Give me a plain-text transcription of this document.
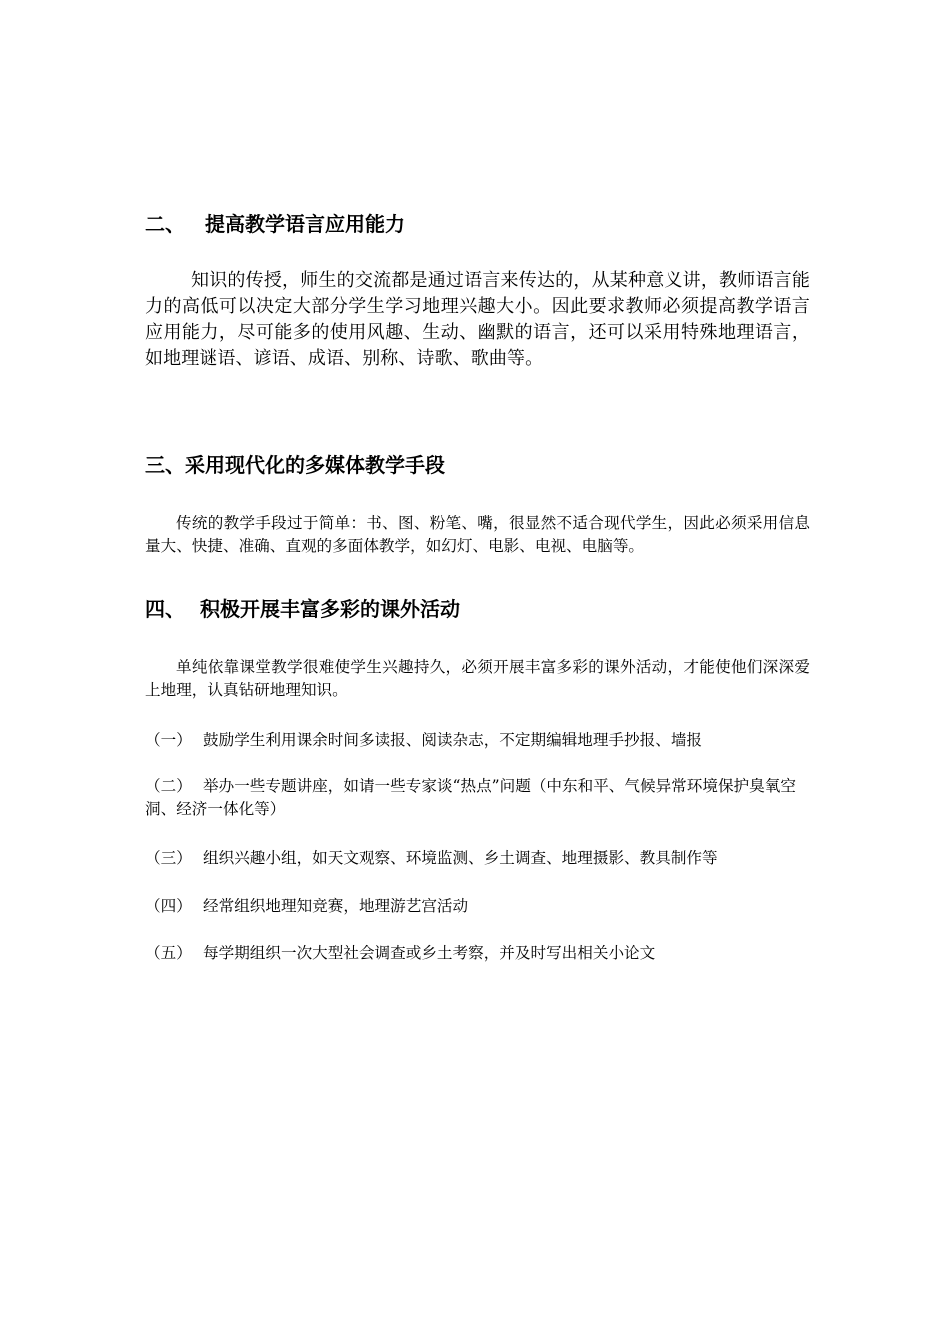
二、 提高教学语言应用能力
知识的传授，师生的交流都是通过语言来传达的，从某种意义讲，教师语言能力的高低可以决定大部分学生学习地理兴趣大小。因此要求教师必须提高教学语言应用能力，尽可能多的使用风趣、生动、幽默的语言，还可以采用特殊地理语言，如地理谜语、谚语、成语、别称、诗歌、歌曲等。
三、采用现代化的多媒体教学手段
传统的教学手段过于简单：书、图、粉笔、嘴，很显然不适合现代学生，因此必须采用信息量大、快捷、准确、直观的多面体教学，如幻灯、电影、电视、电脑等。
四、 积极开展丰富多彩的课外活动
单纯依靠课堂教学很难使学生兴趣持久，必须开展丰富多彩的课外活动，才能使他们深深爱上地理，认真钻研地理知识。
（一） 鼓励学生利用课余时间多读报、阅读杂志，不定期编辑地理手抄报、墙报
（二） 举办一些专题讲座，如请一些专家谈“热点”问题（中东和平、气候异常环境保护臭氧空洞、经济一体化等）
（三） 组织兴趣小组，如天文观察、环境监测、乡土调查、地理摄影、教具制作等
（四） 经常组织地理知竞赛，地理游艺宫活动
（五） 每学期组织一次大型社会调查或乡土考察，并及时写出相关小论文
